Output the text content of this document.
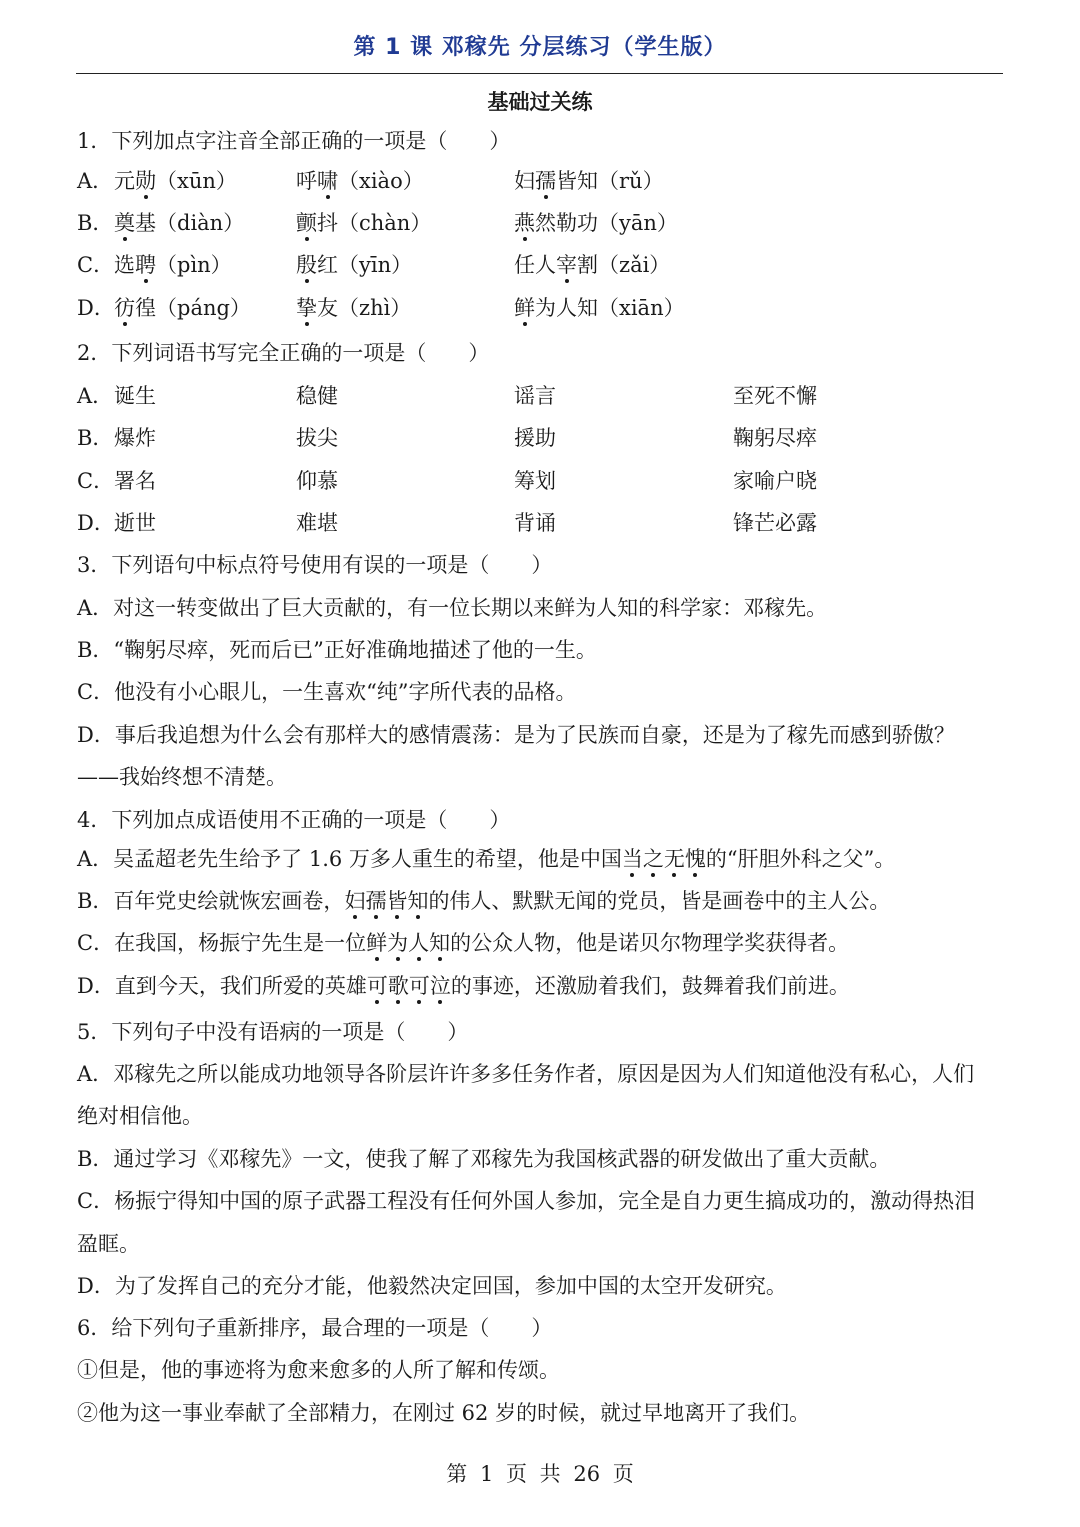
第 1 课 邓稼先 分层练习（学生版）
基础过关练
1．下列加点字注音全部正确的一项是（　　）
A． 元勋（xūn）	呼啸（xiào）	妇孺皆知（rǔ）
B． 奠基（diàn） 颤抖（chàn）	燕然勒功（yān）
C． 选聘（pìn）	殷红（yīn）	任人宰割（zǎi）
D． 彷徨（páng） 挚友（zhì）	鲜为人知（xiān）
2．下列词语书写完全正确的一项是（　　）
A． 诞生	稳健	谣言	至死不懈
B． 爆炸	拔尖	援助	鞠躬尽瘁
C． 署名	仰慕	筹划	家喻户晓
D． 逝世	难堪	背诵	锋芒必露
3．下列语句中标点符号使用有误的一项是（　　）
A．对这一转变做出了巨大贡献的，有一位长期以来鲜为人知的科学家：邓稼先。
B．“鞠躬尽瘁，死而后已”正好准确地描述了他的一生。
C．他没有小心眼儿，一生喜欢“纯”字所代表的品格。
D．事后我追想为什么会有那样大的感情震荡：是为了民族而自豪，还是为了稼先而感到骄傲？
——我始终想不清楚。
4．下列加点成语使用不正确的一项是（　　）
A．吴孟超老先生给予了 1.6 万多人重生的希望，他是中国当之无愧的“肝胆外科之父”。
B．百年党史绘就恢宏画卷，妇孺皆知的伟人、默默无闻的党员，皆是画卷中的主人公。
C．在我国，杨振宁先生是一位鲜为人知的公众人物，他是诺贝尔物理学奖获得者。
D．直到今天，我们所爱的英雄可歌可泣的事迹，还激励着我们，鼓舞着我们前进。
5．下列句子中没有语病的一项是（　　）
A．邓稼先之所以能成功地领导各阶层许许多多任务作者，原因是因为人们知道他没有私心，人们
绝对相信他。
B．通过学习《邓稼先》一文，使我了解了邓稼先为我国核武器的研发做出了重大贡献。
C．杨振宁得知中国的原子武器工程没有任何外国人参加，完全是自力更生搞成功的，激动得热泪
盈眶。
D．为了发挥自己的充分才能，他毅然决定回国，参加中国的太空开发研究。
6．给下列句子重新排序，最合理的一项是（　　）
①但是，他的事迹将为愈来愈多的人所了解和传颂。
②他为这一事业奉献了全部精力，在刚过 62 岁的时候，就过早地离开了我们。
第 1 页 共 26 页
